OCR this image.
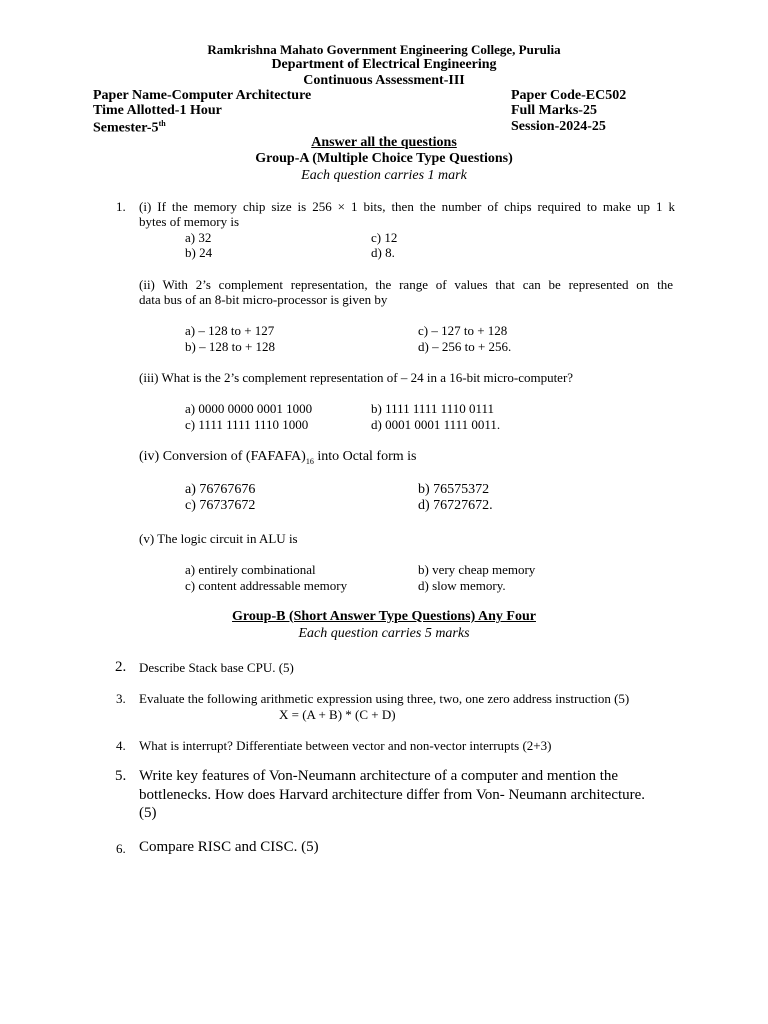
Ramkrishna Mahato Government Engineering College, Purulia
Department of Electrical Engineering
Continuous Assessment-III
Paper Name-Computer Architecture	Paper Code-EC502
Time Allotted-1 Hour	Full Marks-25
Semester-5th	Session-2024-25
Answer all the questions
Group-A (Multiple Choice Type Questions)
Each question carries 1 mark
1. (i) If the memory chip size is 256 × 1 bits, then the number of chips required to make up 1 k
bytes of memory is
a) 32	c) 12
b) 24	d) 8.
(ii) With 2’s complement representation, the range of values that can be represented on the
data bus of an 8-bit micro-processor is given by
a) – 128 to + 127	c) – 127 to + 128
b) – 128 to + 128	d) – 256 to + 256.
(iii) What is the 2’s complement representation of – 24 in a 16-bit micro-computer?
a) 0000 0000 0001 1000	b) 1111 1111 1110 0111
c) 1111 1111 1110 1000	d) 0001 0001 1111 0011.
(iv) Conversion of $(FAFAFA)_{16}$ into Octal form is
a) 76767676	b) 76575372
c) 76737672	d) 76727672.
(v) The logic circuit in ALU is
a) entirely combinational	b) very cheap memory
c) content addressable memory	d) slow memory.
Group-B (Short Answer Type Questions) Any Four
Each question carries 5 marks
2. Describe Stack base CPU. (5)
3. Evaluate the following arithmetic expression using three, two, one zero address instruction (5)
X = (A + B) * (C + D)
4. What is interrupt? Differentiate between vector and non-vector interrupts (2+3)
5. Write key features of Von-Neumann architecture of a computer and mention the
bottlenecks. How does Harvard architecture differ from Von- Neumann architecture.
(5)
6. Compare RISC and CISC. (5)
